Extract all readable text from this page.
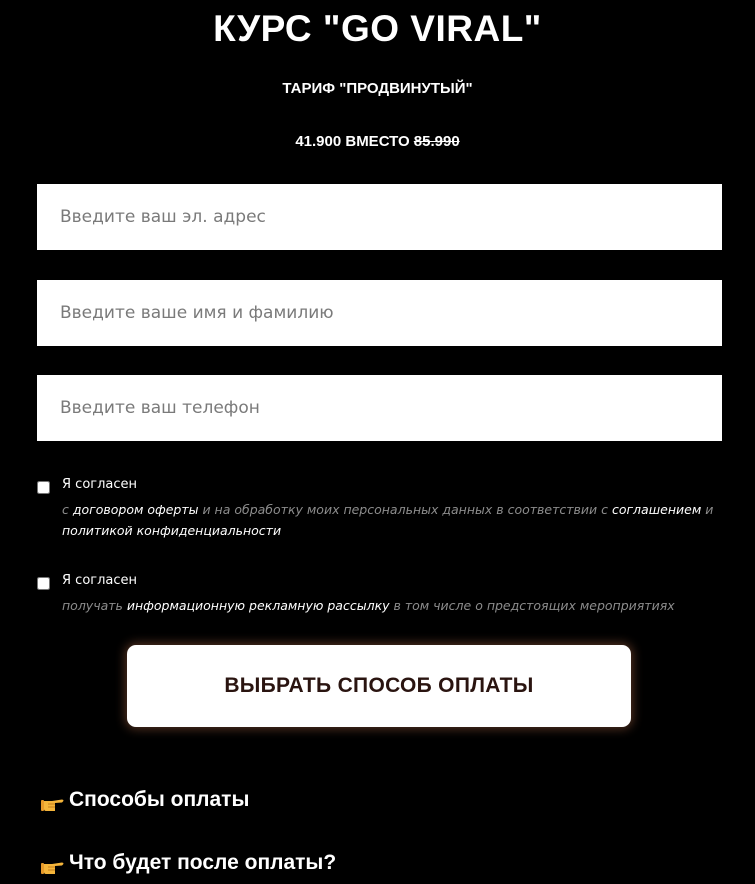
КУРС "GO VIRAL"
ТАРИФ "ПРОДВИНУТЫЙ"
41.900 ВМЕСТО 85.990
Введите ваш эл. адрес
Введите ваше имя и фамилию
Введите ваш телефон
Я согласен
с договором оферты и на обработку моих персональных данных в соответствии с соглашением и политикой конфиденциальности
Я согласен
получать информационную рекламную рассылку в том числе о предстоящих мероприятиях
ВЫБРАТЬ СПОСОБ ОПЛАТЫ
Способы оплаты
Что будет после оплаты?
